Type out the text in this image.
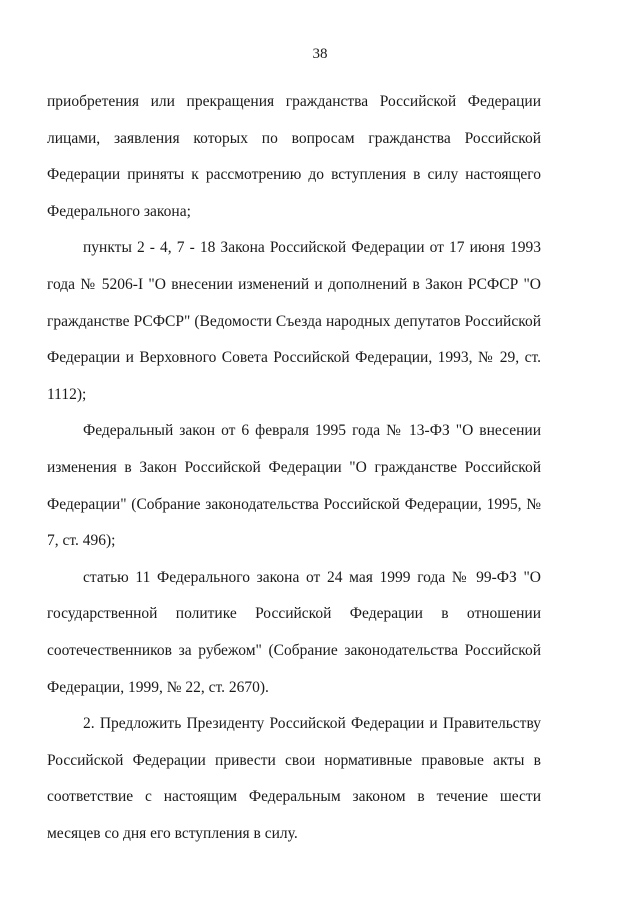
38

приобретения или прекращения гражданства Российской Федерации лицами, заявления которых по вопросам гражданства Российской Федерации приняты к рассмотрению до вступления в силу настоящего Федерального закона;

пункты 2 - 4, 7 - 18 Закона Российской Федерации от 17 июня 1993 года № 5206-I "О внесении изменений и дополнений в Закон РСФСР "О гражданстве РСФСР" (Ведомости Съезда народных депутатов Российской Федерации и Верховного Совета Российской Федерации, 1993, № 29, ст. 1112);

Федеральный закон от 6 февраля 1995 года № 13-ФЗ "О внесении изменения в Закон Российской Федерации "О гражданстве Российской Федерации" (Собрание законодательства Российской Федерации, 1995, № 7, ст. 496);

статью 11 Федерального закона от 24 мая 1999 года № 99-ФЗ "О государственной политике Российской Федерации в отношении соотечественников за рубежом" (Собрание законодательства Российской Федерации, 1999, № 22, ст. 2670).

2. Предложить Президенту Российской Федерации и Правительству Российской Федерации привести свои нормативные правовые акты в соответствие с настоящим Федеральным законом в течение шести месяцев со дня его вступления в силу.
